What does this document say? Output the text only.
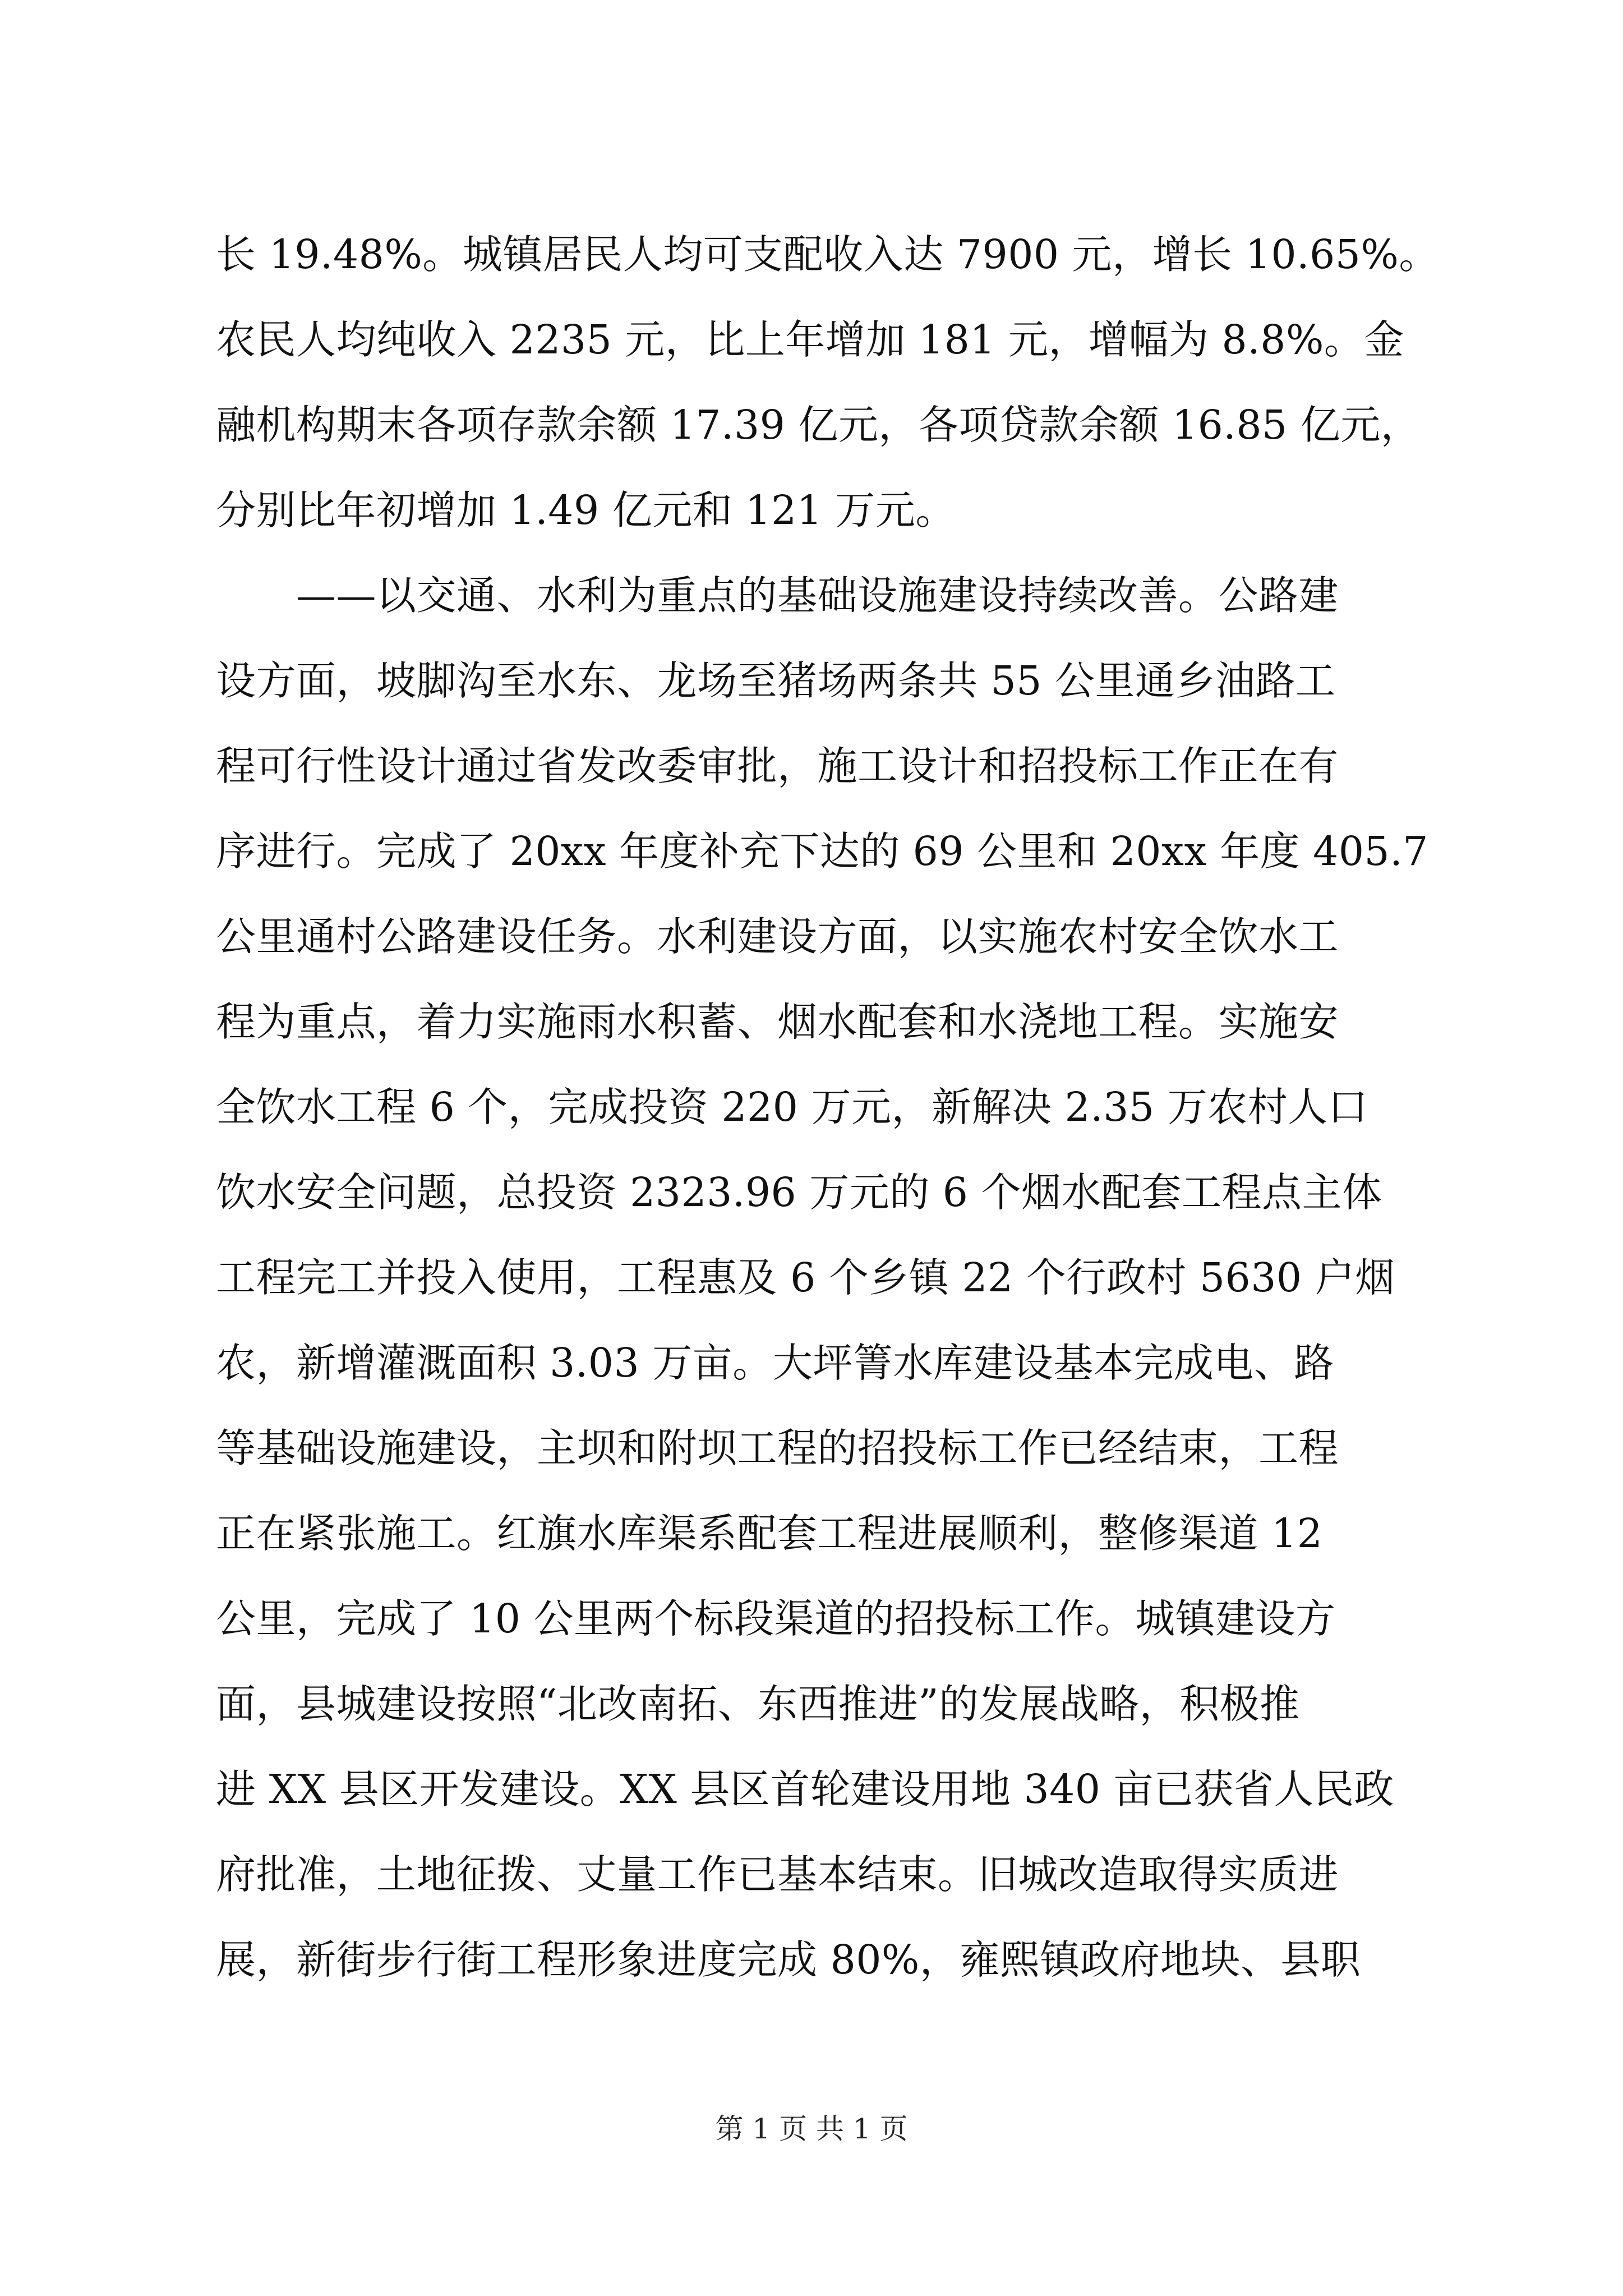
长 19.48%。城镇居民人均可支配收入达 7900 元，增长 10.65%。
农民人均纯收入 2235 元，比上年增加 181 元，增幅为 8.8%。金
融机构期末各项存款余额 17.39 亿元，各项贷款余额 16.85 亿元，
分别比年初增加 1.49 亿元和 121 万元。
　　——以交通、水利为重点的基础设施建设持续改善。公路建
设方面，坡脚沟至水东、龙场至猪场两条共 55 公里通乡油路工
程可行性设计通过省发改委审批，施工设计和招投标工作正在有
序进行。完成了 20xx 年度补充下达的 69 公里和 20xx 年度 405.7
公里通村公路建设任务。水利建设方面，以实施农村安全饮水工
程为重点，着力实施雨水积蓄、烟水配套和水浇地工程。实施安
全饮水工程 6 个，完成投资 220 万元，新解决 2.35 万农村人口
饮水安全问题，总投资 2323.96 万元的 6 个烟水配套工程点主体
工程完工并投入使用，工程惠及 6 个乡镇 22 个行政村 5630 户烟
农，新增灌溉面积 3.03 万亩。大坪箐水库建设基本完成电、路
等基础设施建设，主坝和附坝工程的招投标工作已经结束，工程
正在紧张施工。红旗水库渠系配套工程进展顺利，整修渠道 12
公里，完成了 10 公里两个标段渠道的招投标工作。城镇建设方
面，县城建设按照“北改南拓、东西推进”的发展战略，积极推
进 XX 县区开发建设。XX 县区首轮建设用地 340 亩已获省人民政
府批准，土地征拨、丈量工作已基本结束。旧城改造取得实质进
展，新街步行街工程形象进度完成 80%，雍熙镇政府地块、县职
第 1 页 共 1 页
